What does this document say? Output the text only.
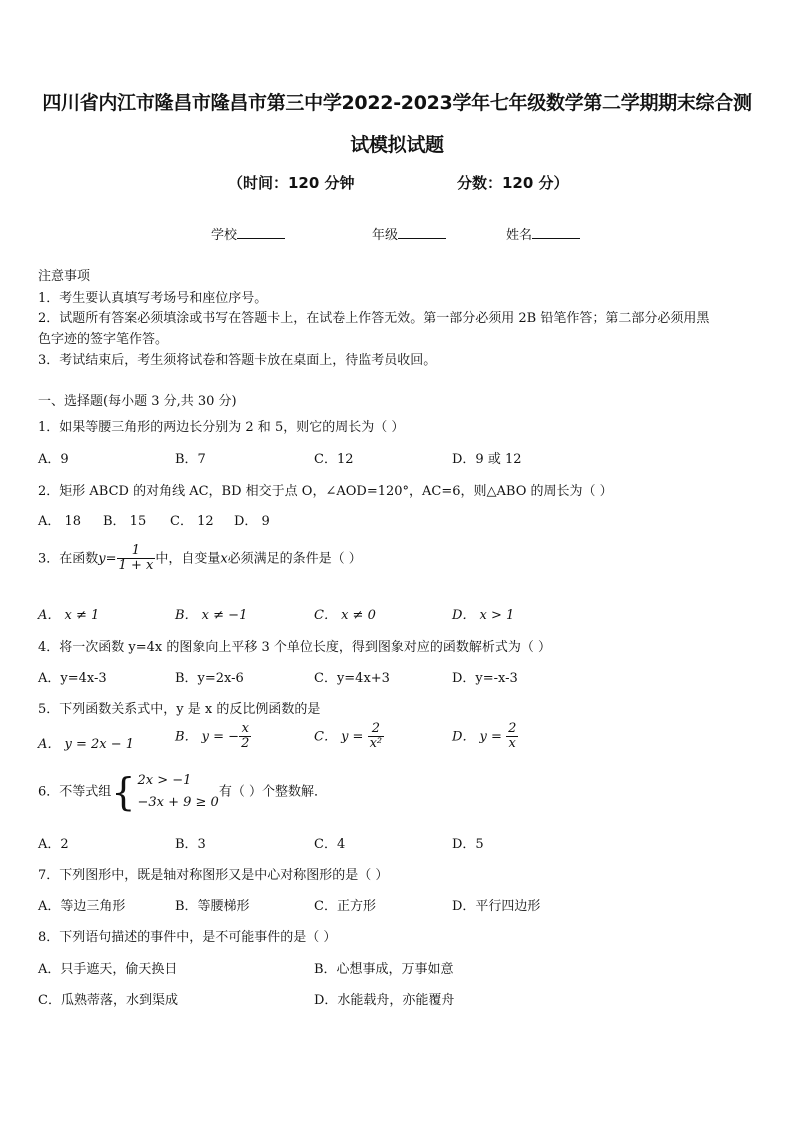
四川省内江市隆昌市隆昌市第三中学2022-2023学年七年级数学第二学期期末综合测
试模拟试题
（时间：120 分钟	分数：120 分）
学校	年级	姓名
注意事项
1．考生要认真填写考场号和座位序号。
2．试题所有答案必须填涂或书写在答题卡上，在试卷上作答无效。第一部分必须用 2B 铅笔作答；第二部分必须用黑
色字迹的签字笔作答。
3．考试结束后，考生须将试卷和答题卡放在桌面上，待监考员收回。
一、选择题(每小题 3 分,共 30 分)
1．如果等腰三角形的两边长分别为 2 和 5，则它的周长为（ ）
A．9	B．7	C．12	D．9 或 12
2．矩形 ABCD 的对角线 AC，BD 相交于点 O，∠AOD=120°，AC=6，则△ABO 的周长为（ ）
A． 18 B． 15 C． 12 D． 9
3．在函数$y= \frac{1}{1 + x}$ 中，自变量x必须满足的条件是（ ）
A． x ≠ 1	B． x ≠ −1	C． x ≠ 0	D． x > 1
4．将一次函数 y=4x 的图象向上平移 3 个单位长度，得到图象对应的函数解析式为（ ）
A．y=4x-3	B．y=2x-6	C．y=4x+3	D．y=-x-3
5．下列函数关系式中，y 是 x 的反比例函数的是
A． y = 2x − 1
B． y = − $\frac{x}{2}$	C． $y = \frac{2}{\text{x²}}$	D． $y = \frac{2}{x}$
6．不等式组{ 2x > −1
−3x + 9 ≥ 0
有（ ）个整数解．
A．2	B．3	C．4	D．5
7．下列图形中，既是轴对称图形又是中心对称图形的是（ ）
A．等边三角形	B．等腰梯形	C．正方形	D．平行四边形
8．下列语句描述的事件中，是不可能事件的是（ ）
A．只手遮天，偷天换日	B．心想事成，万事如意
C．瓜熟蒂落，水到渠成	D．水能载舟，亦能覆舟
